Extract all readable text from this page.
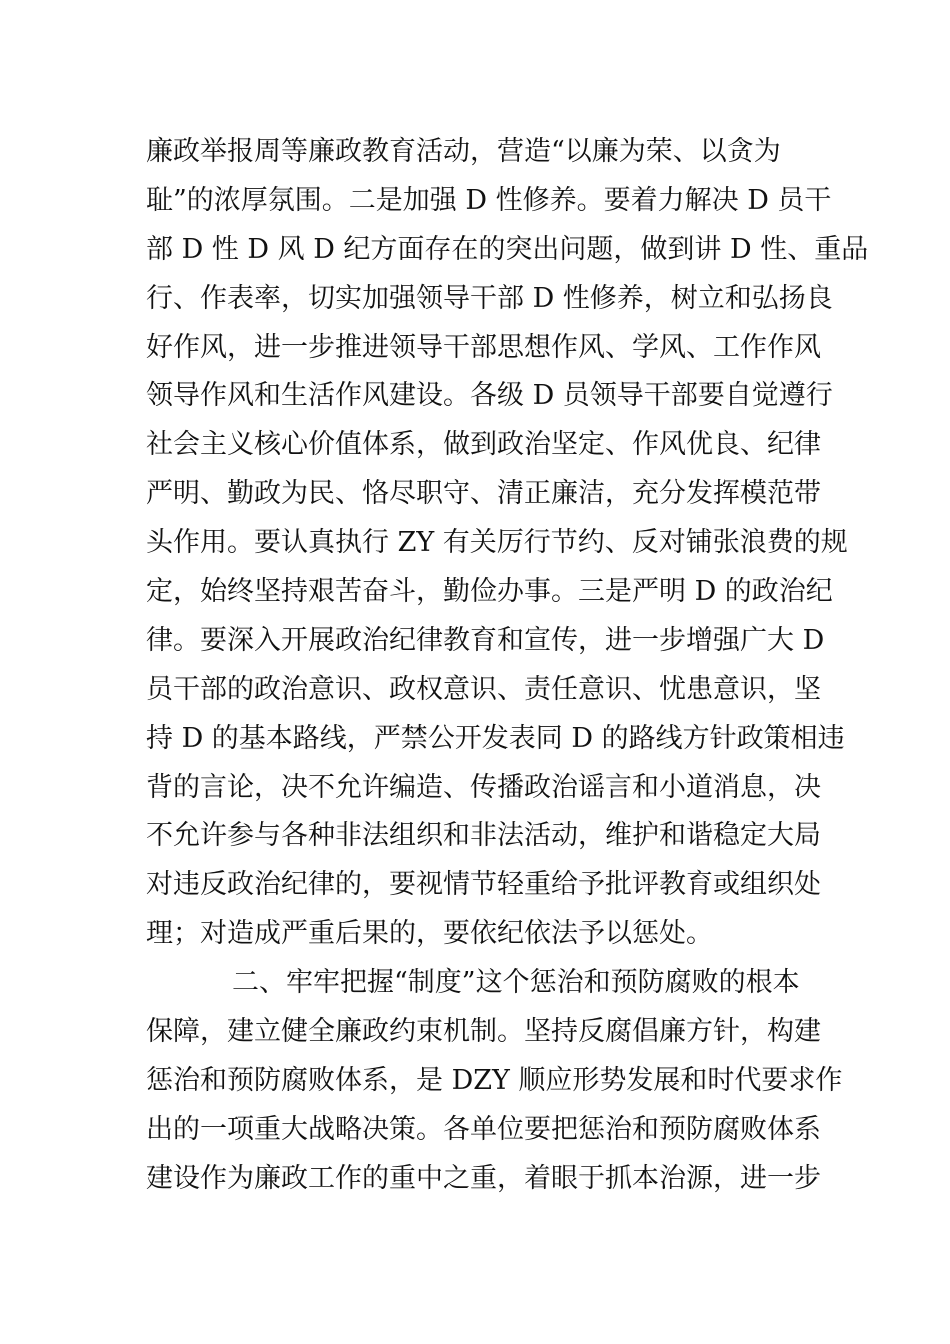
廉政举报周等廉政教育活动，营造“以廉为荣、以贪为
耻”的浓厚氛围。二是加强 D 性修养。要着力解决 D 员干
部 D 性 D 风 D 纪方面存在的突出问题，做到讲 D 性、重品
行、作表率，切实加强领导干部 D 性修养，树立和弘扬良
好作风，进一步推进领导干部思想作风、学风、工作作风
领导作风和生活作风建设。各级 D 员领导干部要自觉遵行
社会主义核心价值体系，做到政治坚定、作风优良、纪律
严明、勤政为民、恪尽职守、清正廉洁，充分发挥模范带
头作用。要认真执行 ZY 有关厉行节约、反对铺张浪费的规
定，始终坚持艰苦奋斗，勤俭办事。三是严明 D 的政治纪
律。要深入开展政治纪律教育和宣传，进一步增强广大 D
员干部的政治意识、政权意识、责任意识、忧患意识，坚
持 D 的基本路线，严禁公开发表同 D 的路线方针政策相违
背的言论，决不允许编造、传播政治谣言和小道消息，决
不允许参与各种非法组织和非法活动，维护和谐稳定大局
对违反政治纪律的，要视情节轻重给予批评教育或组织处
理；对造成严重后果的，要依纪依法予以惩处。
二、牢牢把握“制度”这个惩治和预防腐败的根本
保障，建立健全廉政约束机制。坚持反腐倡廉方针，构建
惩治和预防腐败体系，是 DZY 顺应形势发展和时代要求作
出的一项重大战略决策。各单位要把惩治和预防腐败体系
建设作为廉政工作的重中之重，着眼于抓本治源，进一步
